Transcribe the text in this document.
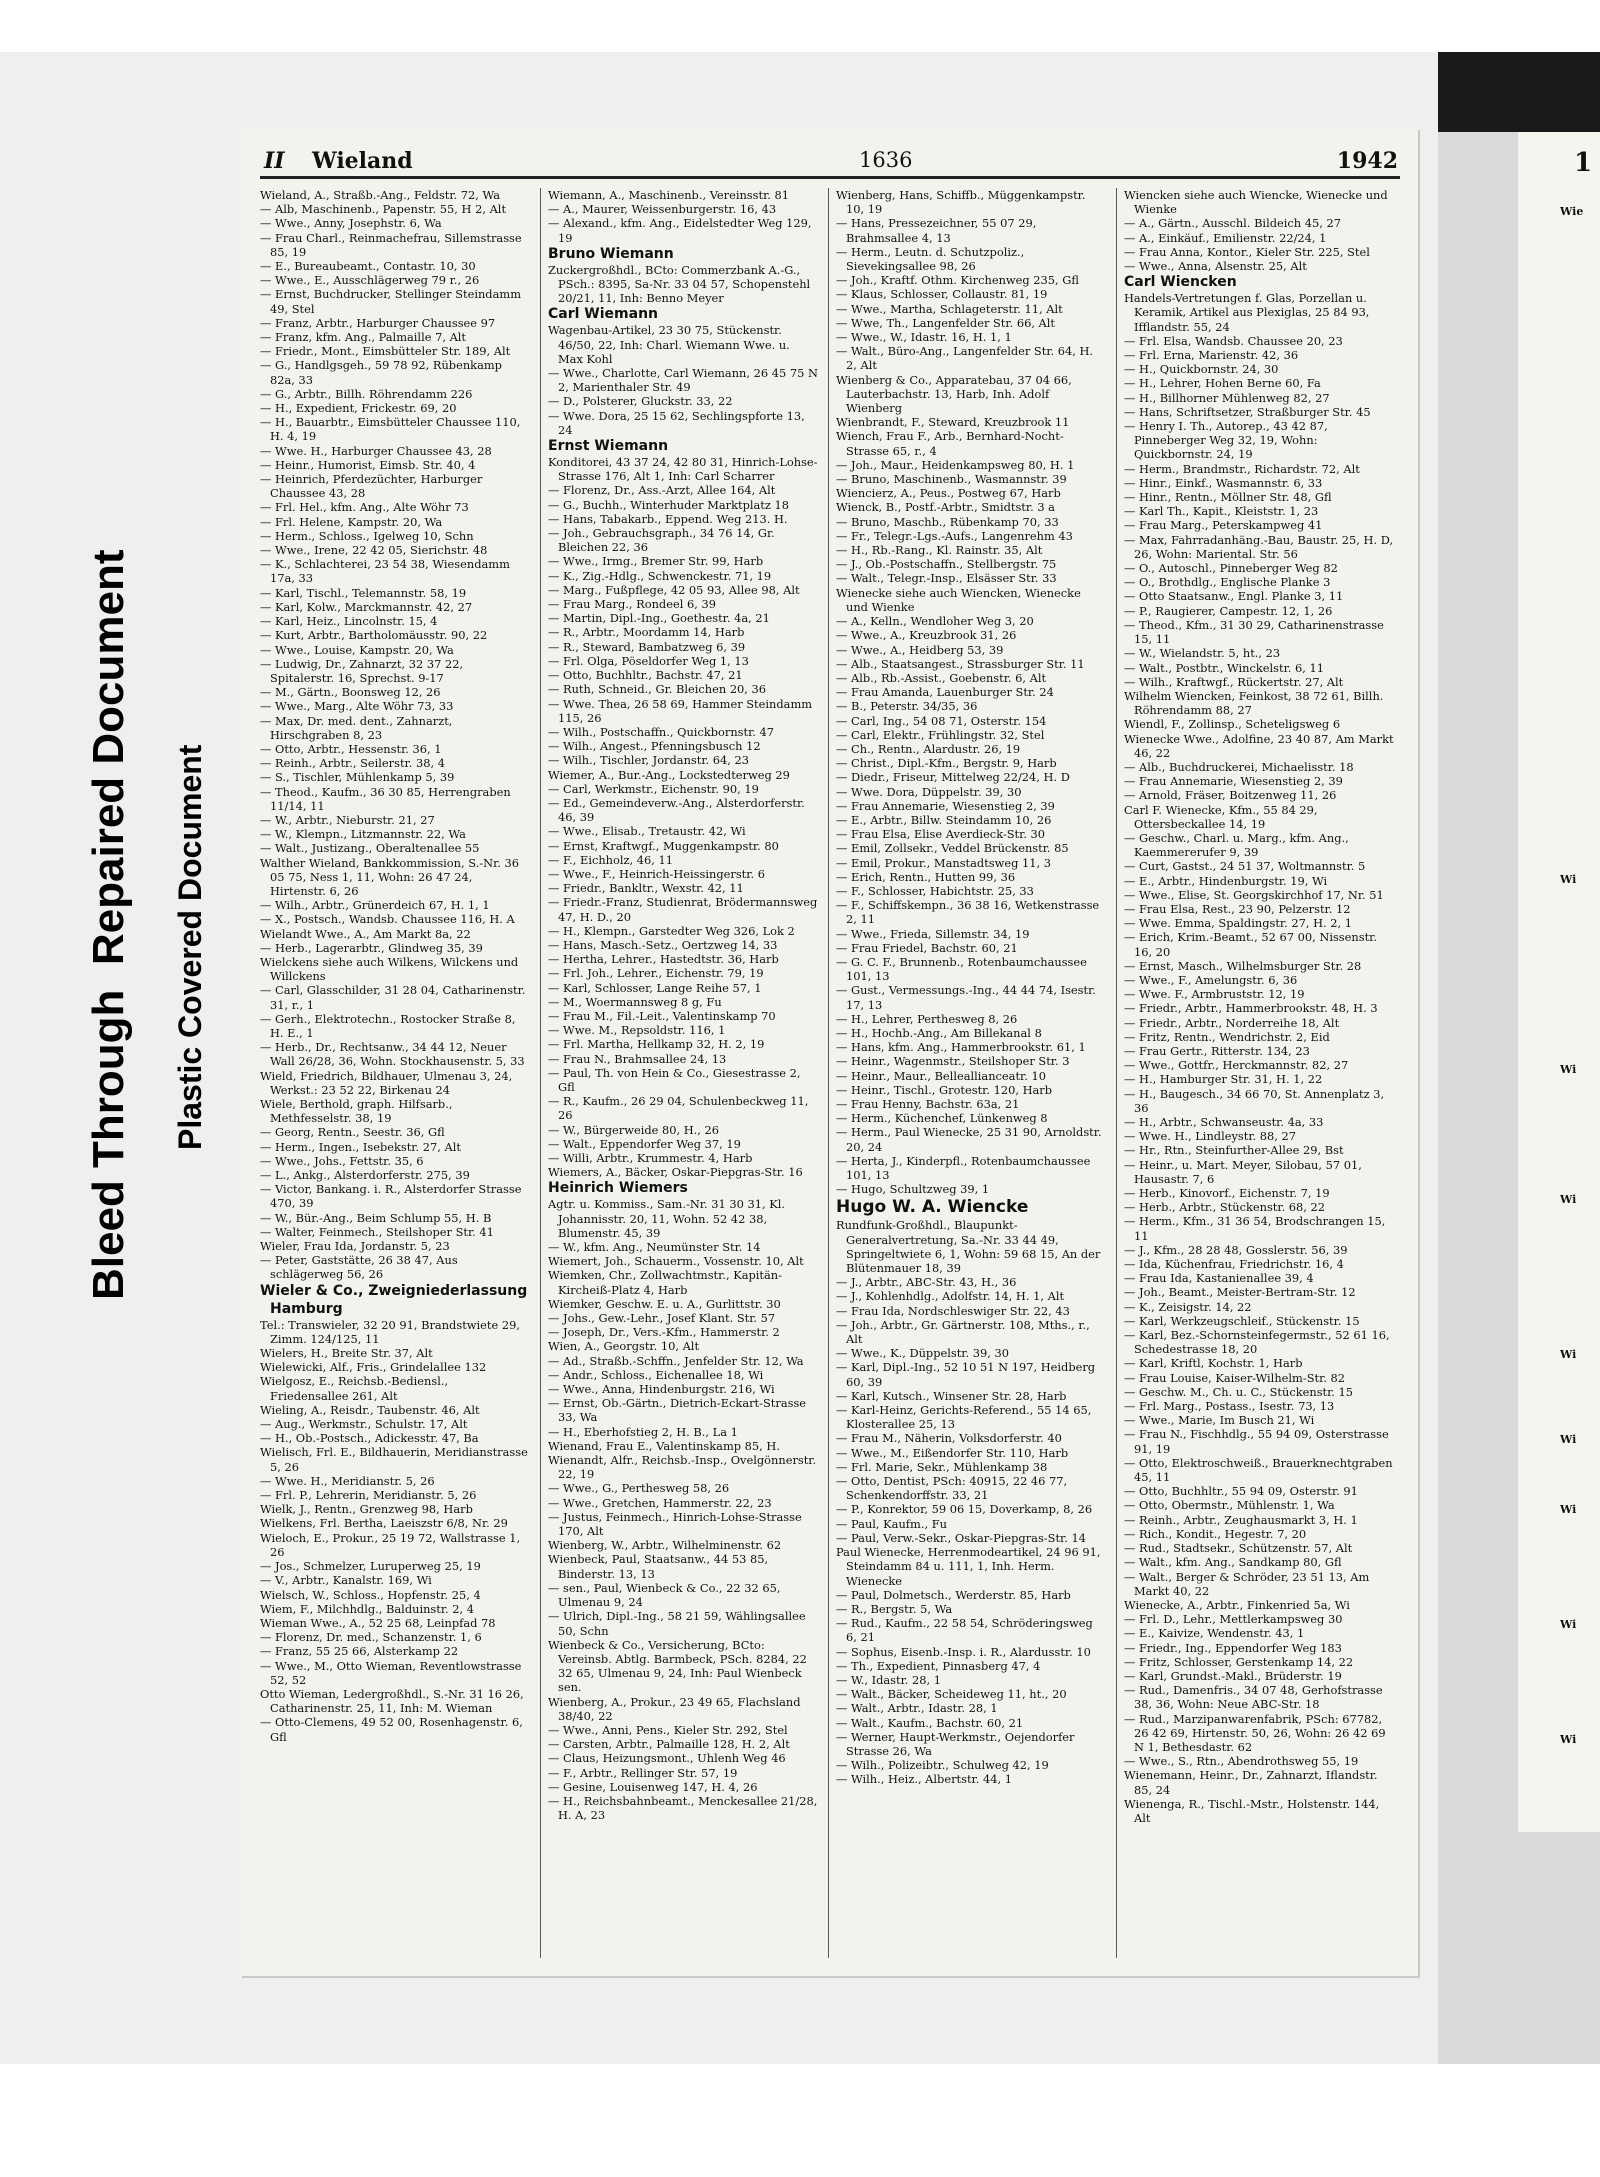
1
Wie
Wi
Wi
Wi
Wi
Wi
Wi
Wi
Wi
Bleed Through  Repaired Document Plastic Covered Document
II Wieland	1636	1942

Wieland, A., Straßb.-Ang., Feldstr. 72, Wa

— Alb, Maschinenb., Papenstr. 55, H 2, Alt

— Wwe., Anny, Josephstr. 6, Wa

— Frau Charl., Reinmachefrau, Sillemstrasse 85, 19

— E., Bureaubeamt., Contastr. 10, 30

— Wwe., E., Ausschlägerweg 79 r., 26

— Ernst, Buchdrucker, Stellinger Steindamm 49, Stel

— Franz, Arbtr., Harburger Chaussee 97

— Franz, kfm. Ang., Palmaille 7, Alt

— Friedr., Mont., Eimsbütteler Str. 189, Alt

— G., Handlgsgeh., 59 78 92, Rübenkamp 82a, 33

— G., Arbtr., Billh. Röhrendamm 226

— H., Expedient, Frickestr. 69, 20

— H., Bauarbtr., Eimsbütteler Chaussee 110, H. 4, 19

— Wwe. H., Harburger Chaussee 43, 28

— Heinr., Humorist, Eimsb. Str. 40, 4

— Heinrich, Pferdezüchter, Harburger Chaussee 43, 28

— Frl. Hel., kfm. Ang., Alte Wöhr 73

— Frl. Helene, Kampstr. 20, Wa

— Herm., Schloss., Igelweg 10, Schn

— Wwe., Irene, 22 42 05, Sierichstr. 48

— K., Schlachterei, 23 54 38, Wiesendamm 17a, 33

— Karl, Tischl., Telemannstr. 58, 19

— Karl, Kolw., Marckmannstr. 42, 27

— Karl, Heiz., Lincolnstr. 15, 4

— Kurt, Arbtr., Bartholomäusstr. 90, 22

— Wwe., Louise, Kampstr. 20, Wa

— Ludwig, Dr., Zahnarzt, 32 37 22, Spitalerstr. 16, Sprechst. 9-17

— M., Gärtn., Boonsweg 12, 26

— Wwe., Marg., Alte Wöhr 73, 33

— Max, Dr. med. dent., Zahnarzt, Hirschgraben 8, 23

— Otto, Arbtr., Hessenstr. 36, 1

— Reinh., Arbtr., Seilerstr. 38, 4

— S., Tischler, Mühlenkamp 5, 39

— Theod., Kaufm., 36 30 85, Herrengraben 11/14, 11

— W., Arbtr., Nieburstr. 21, 27

— W., Klempn., Litzmannstr. 22, Wa

— Walt., Justizang., Oberaltenallee 55

Walther Wieland, Bankkommission, S.-Nr. 36 05 75, Ness 1, 11, Wohn: 26 47 24, Hirtenstr. 6, 26

— Wilh., Arbtr., Grünerdeich 67, H. 1, 1

— X., Postsch., Wandsb. Chaussee 116, H. A

Wielandt Wwe., A., Am Markt 8a, 22

— Herb., Lagerarbtr., Glindweg 35, 39

Wielckens siehe auch Wilkens, Wilckens und Willckens

— Carl, Glasschilder, 31 28 04, Catharinenstr. 31, r., 1

— Gerh., Elektrotechn., Rostocker Straße 8, H. E., 1

— Herb., Dr., Rechtsanw., 34 44 12, Neuer Wall 26/28, 36, Wohn. Stockhausenstr. 5, 33

Wield, Friedrich, Bildhauer, Ulmenau 3, 24, Werkst.: 23 52 22, Birkenau 24

Wiele, Berthold, graph. Hilfsarb., Methfesselstr. 38, 19

— Georg, Rentn., Seestr. 36, Gfl

— Herm., Ingen., Isebekstr. 27, Alt

— Wwe., Johs., Fettstr. 35, 6

— L., Ankg., Alsterdorferstr. 275, 39

— Victor, Bankang. i. R., Alsterdorfer Strasse 470, 39

— W., Bür.-Ang., Beim Schlump 55, H. B

— Walter, Feinmech., Steilshoper Str. 41

Wieler, Frau Ida, Jordanstr. 5, 23

— Peter, Gaststätte, 26 38 47, Aus schlägerweg 56, 26

Wieler & Co., Zweigniederlassung Hamburg

Tel.: Transwieler, 32 20 91, Brandstwiete 29, Zimm. 124/125, 11

Wielers, H., Breite Str. 37, Alt

Wielewicki, Alf., Fris., Grindelallee 132

Wielgosz, E., Reichsb.-Bediensl., Friedensallee 261, Alt

Wieling, A., Reisdr., Taubenstr. 46, Alt

— Aug., Werkmstr., Schulstr. 17, Alt

— H., Ob.-Postsch., Adickesstr. 47, Ba

Wielisch, Frl. E., Bildhauerin, Meridianstrasse 5, 26

— Wwe. H., Meridianstr. 5, 26

— Frl. P., Lehrerin, Meridianstr. 5, 26

Wielk, J., Rentn., Grenzweg 98, Harb

Wielkens, Frl. Bertha, Laeiszstr 6/8, Nr. 29

Wieloch, E., Prokur., 25 19 72, Wallstrasse 1, 26

— Jos., Schmelzer, Luruperweg 25, 19

— V., Arbtr., Kanalstr. 169, Wi

Wielsch, W., Schloss., Hopfenstr. 25, 4

Wiem, F., Milchhdlg., Balduinstr. 2, 4

Wieman Wwe., A., 52 25 68, Leinpfad 78

— Florenz, Dr. med., Schanzenstr. 1, 6

— Franz, 55 25 66, Alsterkamp 22

— Wwe., M., Otto Wieman, Reventlowstrasse 52, 52

Otto Wieman, Ledergroßhdl., S.-Nr. 31 16 26, Catharinenstr. 25, 11, Inh: M. Wieman

— Otto-Clemens, 49 52 00, Rosenhagenstr. 6, Gfl

Wiemann, A., Maschinenb., Vereinsstr. 81

— A., Maurer, Weissenburgerstr. 16, 43

— Alexand., kfm. Ang., Eidelstedter Weg 129, 19

Bruno Wiemann

Zuckergroßhdl., BCto: Commerzbank A.-G., PSch.: 8395, Sa-Nr. 33 04 57, Schopenstehl 20/21, 11, Inh: Benno Meyer

Carl Wiemann

Wagenbau-Artikel, 23 30 75, Stückenstr. 46/50, 22, Inh: Charl. Wiemann Wwe. u. Max Kohl

— Wwe., Charlotte, Carl Wiemann, 26 45 75 N 2, Marienthaler Str. 49

— D., Polsterer, Gluckstr. 33, 22

— Wwe. Dora, 25 15 62, Sechlingspforte 13, 24

Ernst Wiemann

Konditorei, 43 37 24, 42 80 31, Hinrich-Lohse-Strasse 176, Alt 1, Inh: Carl Scharrer

— Florenz, Dr., Ass.-Arzt, Allee 164, Alt

— G., Buchh., Winterhuder Marktplatz 18

— Hans, Tabakarb., Eppend. Weg 213. H.

— Joh., Gebrauchsgraph., 34 76 14, Gr. Bleichen 22, 36

— Wwe., Irmg., Bremer Str. 99, Harb

— K., Zig.-Hdlg., Schwenckestr. 71, 19

— Marg., Fußpflege, 42 05 93, Allee 98, Alt

— Frau Marg., Rondeel 6, 39

— Martin, Dipl.-Ing., Goethestr. 4a, 21

— R., Arbtr., Moordamm 14, Harb

— R., Steward, Bambatzweg 6, 39

— Frl. Olga, Pöseldorfer Weg 1, 13

— Otto, Buchhltr., Bachstr. 47, 21

— Ruth, Schneid., Gr. Bleichen 20, 36

— Wwe. Thea, 26 58 69, Hammer Steindamm 115, 26

— Wilh., Postschaffn., Quickbornstr. 47

— Wilh., Angest., Pfenningsbusch 12

— Wilh., Tischler, Jordanstr. 64, 23

Wiemer, A., Bur.-Ang., Lockstedterweg 29

— Carl, Werkmstr., Eichenstr. 90, 19

— Ed., Gemeindeverw.-Ang., Alsterdorferstr. 46, 39

— Wwe., Elisab., Tretaustr. 42, Wi

— Ernst, Kraftwgf., Muggenkampstr. 80

— F., Eichholz, 46, 11

— Wwe., F., Heinrich-Heissingerstr. 6

— Friedr., Bankltr., Wexstr. 42, 11

— Friedr.-Franz, Studienrat, Brödermannsweg 47, H. D., 20

— H., Klempn., Garstedter Weg 326, Lok 2

— Hans, Masch.-Setz., Oertzweg 14, 33

— Hertha, Lehrer., Hastedtstr. 36, Harb

— Frl. Joh., Lehrer., Eichenstr. 79, 19

— Karl, Schlosser, Lange Reihe 57, 1

— M., Woermannsweg 8 g, Fu

— Frau M., Fil.-Leit., Valentinskamp 70

— Wwe. M., Repsoldstr. 116, 1

— Frl. Martha, Hellkamp 32, H. 2, 19

— Frau N., Brahmsallee 24, 13

— Paul, Th. von Hein & Co., Giesestrasse 2, Gfl

— R., Kaufm., 26 29 04, Schulenbeckweg 11, 26

— W., Bürgerweide 80, H., 26

— Walt., Eppendorfer Weg 37, 19

— Willi, Arbtr., Krummestr. 4, Harb

Wiemers, A., Bäcker, Oskar-Piepgras-Str. 16

Heinrich Wiemers

Agtr. u. Kommiss., Sam.-Nr. 31 30 31, Kl. Johannisstr. 20, 11, Wohn. 52 42 38, Blumenstr. 45, 39

— W., kfm. Ang., Neumünster Str. 14

Wiemert, Joh., Schauerm., Vossenstr. 10, Alt

Wiemken, Chr., Zollwachtmstr., Kapitän-Kircheiß-Platz 4, Harb

Wiemker, Geschw. E. u. A., Gurlittstr. 30

— Johs., Gew.-Lehr., Josef Klant. Str. 57

— Joseph, Dr., Vers.-Kfm., Hammerstr. 2

Wien, A., Georgstr. 10, Alt

— Ad., Straßb.-Schffn., Jenfelder Str. 12, Wa

— Andr., Schloss., Eichenallee 18, Wi

— Wwe., Anna, Hindenburgstr. 216, Wi

— Ernst, Ob.-Gärtn., Dietrich-Eckart-Strasse 33, Wa

— H., Eberhofstieg 2, H. B., La 1

Wienand, Frau E., Valentinskamp 85, H.

Wienandt, Alfr., Reichsb.-Insp., Ovelgönnerstr. 22, 19

— Wwe., G., Perthesweg 58, 26

— Wwe., Gretchen, Hammerstr. 22, 23

— Justus, Feinmech., Hinrich-Lohse-Strasse 170, Alt

Wienberg, W., Arbtr., Wilhelminenstr. 62

Wienbeck, Paul, Staatsanw., 44 53 85, Binderstr. 13, 13

— sen., Paul, Wienbeck & Co., 22 32 65, Ulmenau 9, 24

— Ulrich, Dipl.-Ing., 58 21 59, Wählingsallee 50, Schn

Wienbeck & Co., Versicherung, BCto: Vereinsb. Abtlg. Barmbeck, PSch. 8284, 22 32 65, Ulmenau 9, 24, Inh: Paul Wienbeck sen.

Wienberg, A., Prokur., 23 49 65, Flachsland 38/40, 22

— Wwe., Anni, Pens., Kieler Str. 292, Stel

— Carsten, Arbtr., Palmaille 128, H. 2, Alt

— Claus, Heizungsmont., Uhlenh Weg 46

— F., Arbtr., Rellinger Str. 57, 19

— Gesine, Louisenweg 147, H. 4, 26

— H., Reichsbahnbeamt., Menckesallee 21/28, H. A, 23

Wienberg, Hans, Schiffb., Müggenkampstr. 10, 19

— Hans, Pressezeichner, 55 07 29, Brahmsallee 4, 13

— Herm., Leutn. d. Schutzpoliz., Sievekingsallee 98, 26

— Joh., Kraftf. Othm. Kirchenweg 235, Gfl

— Klaus, Schlosser, Collaustr. 81, 19

— Wwe., Martha, Schlageterstr. 11, Alt

— Wwe, Th., Langenfelder Str. 66, Alt

— Wwe., W., Idastr. 16, H. 1, 1

— Walt., Büro-Ang., Langenfelder Str. 64, H. 2, Alt

Wienberg & Co., Apparatebau, 37 04 66, Lauterbachstr. 13, Harb, Inh. Adolf Wienberg

Wienbrandt, F., Steward, Kreuzbrook 11

Wiench, Frau F., Arb., Bernhard-Nocht-Strasse 65, r., 4

— Joh., Maur., Heidenkampsweg 80, H. 1

— Bruno, Maschinenb., Wasmannstr. 39

Wiencierz, A., Peus., Postweg 67, Harb

Wienck, B., Postf.-Arbtr., Smidtstr. 3 a

— Bruno, Maschb., Rübenkamp 70, 33

— Fr., Telegr.-Lgs.-Aufs., Langenrehm 43

— H., Rb.-Rang., Kl. Rainstr. 35, Alt

— J., Ob.-Postschaffn., Stellbergstr. 75

— Walt., Telegr.-Insp., Elsässer Str. 33

Wienecke siehe auch Wiencken, Wienecke und Wienke

— A., Kelln., Wendloher Weg 3, 20

— Wwe., A., Kreuzbrook 31, 26

— Wwe., A., Heidberg 53, 39

— Alb., Staatsangest., Strassburger Str. 11

— Alb., Rb.-Assist., Goebenstr. 6, Alt

— Frau Amanda, Lauenburger Str. 24

— B., Peterstr. 34/35, 36

— Carl, Ing., 54 08 71, Osterstr. 154

— Carl, Elektr., Frühlingstr. 32, Stel

— Ch., Rentn., Alardustr. 26, 19

— Christ., Dipl.-Kfm., Bergstr. 9, Harb

— Diedr., Friseur, Mittelweg 22/24, H. D

— Wwe. Dora, Düppelstr. 39, 30

— Frau Annemarie, Wiesenstieg 2, 39

— E., Arbtr., Billw. Steindamm 10, 26

— Frau Elsa, Elise Averdieck-Str. 30

— Emil, Zollsekr., Veddel Brückenstr. 85

— Emil, Prokur., Manstadtsweg 11, 3

— Erich, Rentn., Hutten 99, 36

— F., Schlosser, Habichtstr. 25, 33

— F., Schiffskempn., 36 38 16, Wetkenstrasse 2, 11

— Wwe., Frieda, Sillemstr. 34, 19

— Frau Friedel, Bachstr. 60, 21

— G. C. F., Brunnenb., Rotenbaumchaussee 101, 13

— Gust., Vermessungs.-Ing., 44 44 74, Isestr. 17, 13

— H., Lehrer, Perthesweg 8, 26

— H., Hochb.-Ang., Am Billekanal 8

— Hans, kfm. Ang., Hammerbrookstr. 61, 1

— Heinr., Wagenmstr., Steilshoper Str. 3

— Heinr., Maur., Belleallianceatr. 10

— Heinr., Tischl., Grotestr. 120, Harb

— Frau Henny, Bachstr. 63a, 21

— Herm., Küchenchef, Lünkenweg 8

— Herm., Paul Wienecke, 25 31 90, Arnoldstr. 20, 24

— Herta, J., Kinderpfl., Rotenbaumchaussee 101, 13

— Hugo, Schultzweg 39, 1

Hugo W. A. Wiencke

Rundfunk-Großhdl., Blaupunkt-Generalvertretung, Sa.-Nr. 33 44 49, Springeltwiete 6, 1, Wohn: 59 68 15, An der Blütenmauer 18, 39

— J., Arbtr., ABC-Str. 43, H., 36

— J., Kohlenhdlg., Adolfstr. 14, H. 1, Alt

— Frau Ida, Nordschleswiger Str. 22, 43

— Joh., Arbtr., Gr. Gärtnerstr. 108, Mths., r., Alt

— Wwe., K., Düppelstr. 39, 30

— Karl, Dipl.-Ing., 52 10 51 N 197, Heidberg 60, 39

— Karl, Kutsch., Winsener Str. 28, Harb

— Karl-Heinz, Gerichts-Referend., 55 14 65, Klosterallee 25, 13

— Frau M., Näherin, Volksdorferstr. 40

— Wwe., M., Eißendorfer Str. 110, Harb

— Frl. Marie, Sekr., Mühlenkamp 38

— Otto, Dentist, PSch: 40915, 22 46 77, Schenkendorffstr. 33, 21

— P., Konrektor, 59 06 15, Doverkamp, 8, 26

— Paul, Kaufm., Fu

— Paul, Verw.-Sekr., Oskar-Piepgras-Str. 14

Paul Wienecke, Herrenmodeartikel, 24 96 91, Steindamm 84 u. 111, 1, Inh. Herm. Wienecke

— Paul, Dolmetsch., Werderstr. 85, Harb

— R., Bergstr. 5, Wa

— Rud., Kaufm., 22 58 54, Schröderingsweg 6, 21

— Sophus, Eisenb.-Insp. i. R., Alardusstr. 10

— Th., Expedient, Pinnasberg 47, 4

— W., Idastr. 28, 1

— Walt., Bäcker, Scheideweg 11, ht., 20

— Walt., Arbtr., Idastr. 28, 1

— Walt., Kaufm., Bachstr. 60, 21

— Werner, Haupt-Werkmstr., Oejendorfer Strasse 26, Wa

— Wilh., Polizeibtr., Schulweg 42, 19

— Wilh., Heiz., Albertstr. 44, 1

Wiencken siehe auch Wiencke, Wienecke und Wienke

— A., Gärtn., Ausschl. Bildeich 45, 27

— A., Einkäuf., Emilienstr. 22/24, 1

— Frau Anna, Kontor., Kieler Str. 225, Stel

— Wwe., Anna, Alsenstr. 25, Alt

Carl Wiencken

Handels-Vertretungen f. Glas, Porzellan u. Keramik, Artikel aus Plexiglas, 25 84 93, Ifflandstr. 55, 24

— Frl. Elsa, Wandsb. Chaussee 20, 23

— Frl. Erna, Marienstr. 42, 36

— H., Quickbornstr. 24, 30

— H., Lehrer, Hohen Berne 60, Fa

— H., Billhorner Mühlenweg 82, 27

— Hans, Schriftsetzer, Straßburger Str. 45

— Henry I. Th., Autorep., 43 42 87, Pinneberger Weg 32, 19, Wohn: Quickbornstr. 24, 19

— Herm., Brandmstr., Richardstr. 72, Alt

— Hinr., Einkf., Wasmannstr. 6, 33

— Hinr., Rentn., Möllner Str. 48, Gfl

— Karl Th., Kapit., Kleiststr. 1, 23

— Frau Marg., Peterskampweg 41

— Max, Fahrradanhäng.-Bau, Baustr. 25, H. D, 26, Wohn: Mariental. Str. 56

— O., Autoschl., Pinneberger Weg 82

— O., Brothdlg., Englische Planke 3

— Otto Staatsanw., Engl. Planke 3, 11

— P., Raugierer, Campestr. 12, 1, 26

— Theod., Kfm., 31 30 29, Catharinenstrasse 15, 11

— W., Wielandstr. 5, ht., 23

— Walt., Postbtr., Winckelstr. 6, 11

— Wilh., Kraftwgf., Rückertstr. 27, Alt

Wilhelm Wiencken, Feinkost, 38 72 61, Billh. Röhrendamm 88, 27

Wiendl, F., Zollinsp., Scheteligsweg 6

Wienecke Wwe., Adolfine, 23 40 87, Am Markt 46, 22

— Alb., Buchdruckerei, Michaelisstr. 18

— Frau Annemarie, Wiesenstieg 2, 39

— Arnold, Fräser, Boitzenweg 11, 26

Carl F. Wienecke, Kfm., 55 84 29, Ottersbeckallee 14, 19

— Geschw., Charl. u. Marg., kfm. Ang., Kaemmererufer 9, 39

— Curt, Gastst., 24 51 37, Woltmannstr. 5

— E., Arbtr., Hindenburgstr. 19, Wi

— Wwe., Elise, St. Georgskirchhof 17, Nr. 51

— Frau Elsa, Rest., 23 90, Pelzerstr. 12

— Wwe. Emma, Spaldingstr. 27, H. 2, 1

— Erich, Krim.-Beamt., 52 67 00, Nissenstr. 16, 20

— Ernst, Masch., Wilhelmsburger Str. 28

— Wwe., F., Amelungstr. 6, 36

— Wwe. F., Armbruststr. 12, 19

— Friedr., Arbtr., Hammerbrookstr. 48, H. 3

— Friedr., Arbtr., Norderreihe 18, Alt

— Fritz, Rentn., Wendrichstr. 2, Eid

— Frau Gertr., Ritterstr. 134, 23

— Wwe., Gottfr., Herckmannstr. 82, 27

— H., Hamburger Str. 31, H. 1, 22

— H., Baugesch., 34 66 70, St. Annenplatz 3, 36

— H., Arbtr., Schwanseustr. 4a, 33

— Wwe. H., Lindleystr. 88, 27

— Hr., Rtn., Steinfurther-Allee 29, Bst

— Heinr., u. Mart. Meyer, Silobau, 57 01, Hausastr. 7, 6

— Herb., Kinovorf., Eichenstr. 7, 19

— Herb., Arbtr., Stückenstr. 68, 22

— Herm., Kfm., 31 36 54, Brodschrangen 15, 11

— J., Kfm., 28 28 48, Gosslerstr. 56, 39

— Ida, Küchenfrau, Friedrichstr. 16, 4

— Frau Ida, Kastanienallee 39, 4

— Joh., Beamt., Meister-Bertram-Str. 12

— K., Zeisigstr. 14, 22

— Karl, Werkzeugschleif., Stückenstr. 15

— Karl, Bez.-Schornsteinfegermstr., 52 61 16, Schedestrasse 18, 20

— Karl, Kriftl, Kochstr. 1, Harb

— Frau Louise, Kaiser-Wilhelm-Str. 82

— Geschw. M., Ch. u. C., Stückenstr. 15

— Frl. Marg., Postass., Isestr. 73, 13

— Wwe., Marie, Im Busch 21, Wi

— Frau N., Fischhdlg., 55 94 09, Osterstrasse 91, 19

— Otto, Elektroschweiß., Brauerknechtgraben 45, 11

— Otto, Buchhltr., 55 94 09, Osterstr. 91

— Otto, Obermstr., Mühlenstr. 1, Wa

— Reinh., Arbtr., Zeughausmarkt 3, H. 1

— Rich., Kondit., Hegestr. 7, 20

— Rud., Stadtsekr., Schützenstr. 57, Alt

— Walt., kfm. Ang., Sandkamp 80, Gfl

— Walt., Berger & Schröder, 23 51 13, Am Markt 40, 22

Wienecke, A., Arbtr., Finkenried 5a, Wi

— Frl. D., Lehr., Mettlerkampsweg 30

— E., Kaivize, Wendenstr. 43, 1

— Friedr., Ing., Eppendorfer Weg 183

— Fritz, Schlosser, Gerstenkamp 14, 22

— Karl, Grundst.-Makl., Brüderstr. 19

— Rud., Damenfris., 34 07 48, Gerhofstrasse 38, 36, Wohn: Neue ABC-Str. 18

— Rud., Marzipanwarenfabrik, PSch: 67782, 26 42 69, Hirtenstr. 50, 26, Wohn: 26 42 69 N 1, Bethesdastr. 62

— Wwe., S., Rtn., Abendrothsweg 55, 19

Wienemann, Heinr., Dr., Zahnarzt, Iflandstr. 85, 24

Wienenga, R., Tischl.-Mstr., Holstenstr. 144, Alt
